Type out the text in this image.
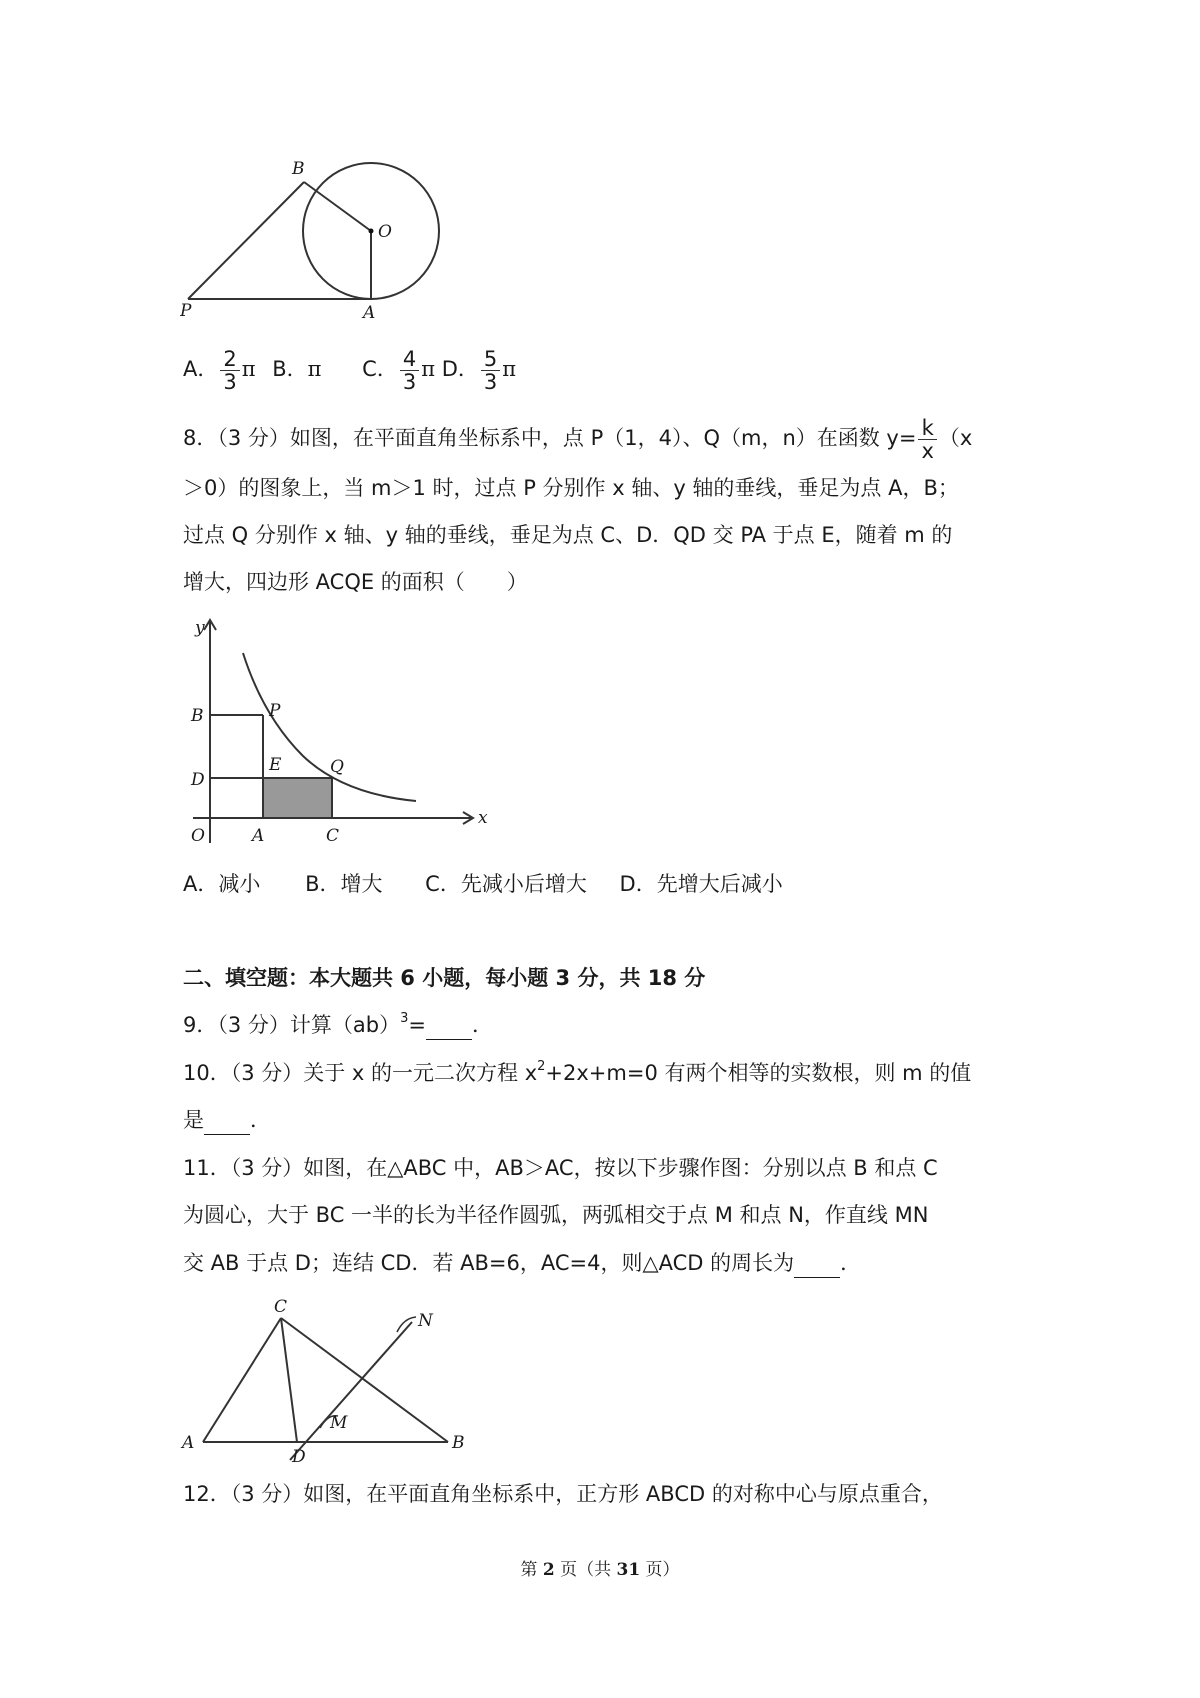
B
O
P	A
A． $\frac{2}{3}$ π B．π C． $\frac{4}{3}$ π D． $\frac{5}{3}$ π
8．（3 分）如图，在平面直角坐标系中，点 P（1，4）、Q（m，n）在函数 $y= \frac{k}{x} (x$
＞0）的图象上，当 m＞1 时，过点 P 分别作 x 轴、y 轴的垂线，垂足为点 A，B；
过点 Q 分别作 x 轴、y 轴的垂线，垂足为点 C、D．QD 交 PA 于点 E，随着 m 的
增大，四边形 ACQE 的面积（　　）
y
x
O	A	C
B
D
P
E	Q
A．减小 B．增大 C．先减小后增大 D．先增大后减小
二、填空题：本大题共 6 小题，每小题 3 分，共 18 分
9．（3 分）计算（ab）$^3$= ．
10．（3 分）关于 x 的一元二次方程 $x^2+2x+m=0$ 有两个相等的实数根，则 m 的值
是 ．
11．（3 分）如图，在△ABC 中，AB＞AC，按以下步骤作图：分别以点 B 和点 C
为圆心，大于 BC 一半的长为半径作圆弧，两弧相交于点 M 和点 N，作直线 MN
交 AB 于点 D；连结 CD．若 AB=6，AC=4，则△ACD 的周长为 ．
C
N
M
A
D
B
12．（3 分）如图，在平面直角坐标系中，正方形 ABCD 的对称中心与原点重合，
第 2 页（共 31 页）
